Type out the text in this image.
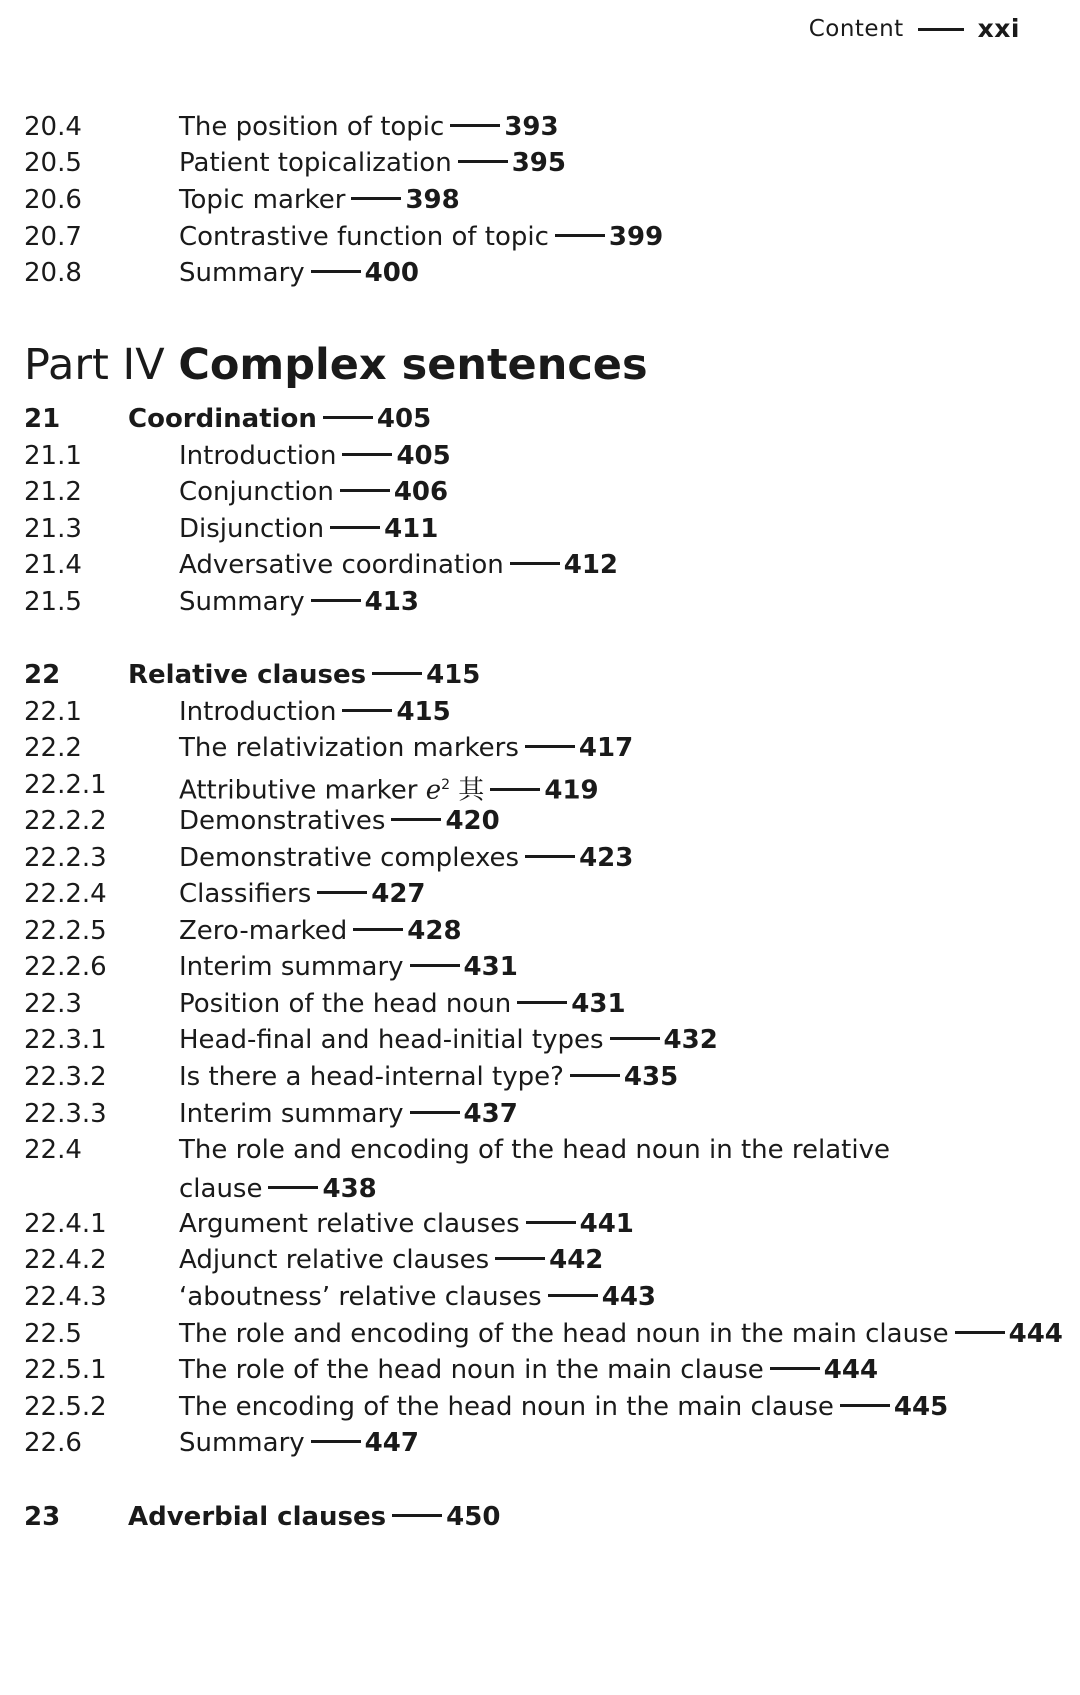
Content	xxi
20.4	The position of topic 393
20.5	Patient topicalization 395
20.6	Topic marker 398
20.7	Contrastive function of topic 399
20.8	Summary 400
Part IV Complex sentences
21	Coordination 405
21.1	Introduction 405
21.2	Conjunction 406
21.3	Disjunction 411
21.4	Adversative coordination 412
21.5	Summary 413
22	Relative clauses 415
22.1	Introduction 415
22.2	The relativization markers 417
22.2.1	Attributive marker $e^2$ 其 419
22.2.2	Demonstratives 420
22.2.3	Demonstrative complexes 423
22.2.4	Classifiers 427
22.2.5	Zero-marked 428
22.2.6	Interim summary 431
22.3	Position of the head noun 431
22.3.1	Head-final and head-initial types 432
22.3.2	Is there a head-internal type? 435
22.3.3	Interim summary 437
22.4	The role and encoding of the head noun in the relative
clause 438
22.4.1	Argument relative clauses 441
22.4.2	Adjunct relative clauses 442
22.4.3	‘aboutness’ relative clauses 443
22.5	The role and encoding of the head noun in the main clause 444
22.5.1	The role of the head noun in the main clause 444
22.5.2	The encoding of the head noun in the main clause 445
22.6	Summary 447
23	Adverbial clauses 450
